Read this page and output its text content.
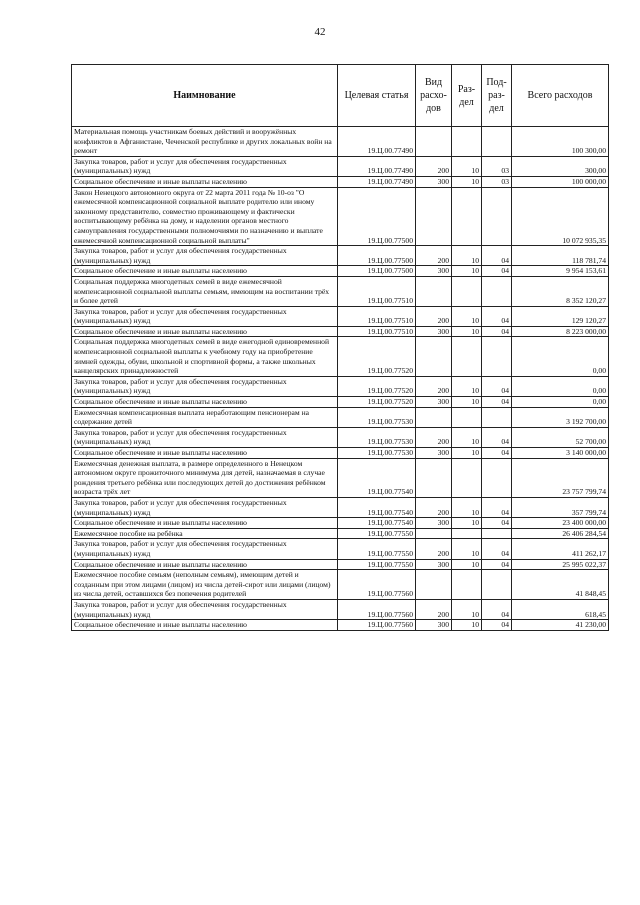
42
Наимнование	Целевая статья	Вид расхо-дов	Раз-дел	Под-раз-дел	Всего расходов
Материальная помощь участникам боевых действий и вооружённых конфликтов в Афганистане, Чеченской республике и других локальных войн на ремонт	19.Ц.00.77490				100 300,00
Закупка товаров, работ и услуг для обеспечения государственных (муниципальных) нужд	19.Ц.00.77490	200	10	03	300,00
Социальное обеспечение и иные выплаты населению	19.Ц.00.77490	300	10	03	100 000,00
Закон Ненецкого автономного округа от 22 марта 2011 года № 10-оз "О ежемесячной компенсационной социальной выплате родителю или иному законному представителю, совместно проживающему и фактически воспитывающему ребёнка на дому, и наделении органов местного самоуправления государственными полномочиями по назначению и выплате ежемесячной компенсационной социальной выплаты"	19.Ц.00.77500				10 072 935,35
Закупка товаров, работ и услуг для обеспечения государственных (муниципальных) нужд	19.Ц.00.77500	200	10	04	118 781,74
Социальное обеспечение и иные выплаты населению	19.Ц.00.77500	300	10	04	9 954 153,61
Социальная поддержка многодетных семей в виде ежемесячной компенсационной социальной выплаты семьям, имеющим на воспитании трёх и более детей	19.Ц.00.77510				8 352 120,27
Закупка товаров, работ и услуг для обеспечения государственных (муниципальных) нужд	19.Ц.00.77510	200	10	04	129 120,27
Социальное обеспечение и иные выплаты населению	19.Ц.00.77510	300	10	04	8 223 000,00
Социальная поддержка многодетных семей в виде ежегодной единовременной компенсационной социальной выплаты к учебному году на приобретение зимней одежды, обуви, школьной и спортивной формы, а также школьных канцелярских принадлежностей	19.Ц.00.77520				0,00
Закупка товаров, работ и услуг для обеспечения государственных (муниципальных) нужд	19.Ц.00.77520	200	10	04	0,00
Социальное обеспечение и иные выплаты населению	19.Ц.00.77520	300	10	04	0,00
Ежемесячная компенсационная выплата неработающим пенсионерам на содержание детей	19.Ц.00.77530				3 192 700,00
Закупка товаров, работ и услуг для обеспечения государственных (муниципальных) нужд	19.Ц.00.77530	200	10	04	52 700,00
Социальное обеспечение и иные выплаты населению	19.Ц.00.77530	300	10	04	3 140 000,00
Ежемесячная денежная выплата, в размере определенного в Ненецком автономном округе прожиточного минимума для детей, назначаемая в случае рождения третьего ребёнка или последующих детей до достижения ребёнком возраста трёх лет	19.Ц.00.77540				23 757 799,74
Закупка товаров, работ и услуг для обеспечения государственных (муниципальных) нужд	19.Ц.00.77540	200	10	04	357 799,74
Социальное обеспечение и иные выплаты населению	19.Ц.00.77540	300	10	04	23 400 000,00
Ежемесячное пособие на ребёнка	19.Ц.00.77550				26 406 284,54
Закупка товаров, работ и услуг для обеспечения государственных (муниципальных) нужд	19.Ц.00.77550	200	10	04	411 262,17
Социальное обеспечение и иные выплаты населению	19.Ц.00.77550	300	10	04	25 995 022,37
Ежемесячное пособие семьям (неполным семьям), имеющим детей и созданным при этом лицами (лицом) из числа детей-сирот или лицами (лицом) из числа детей, оставшихся без попечения родителей	19.Ц.00.77560				41 848,45
Закупка товаров, работ и услуг для обеспечения государственных (муниципальных) нужд	19.Ц.00.77560	200	10	04	618,45
Социальное обеспечение и иные выплаты населению	19.Ц.00.77560	300	10	04	41 230,00
